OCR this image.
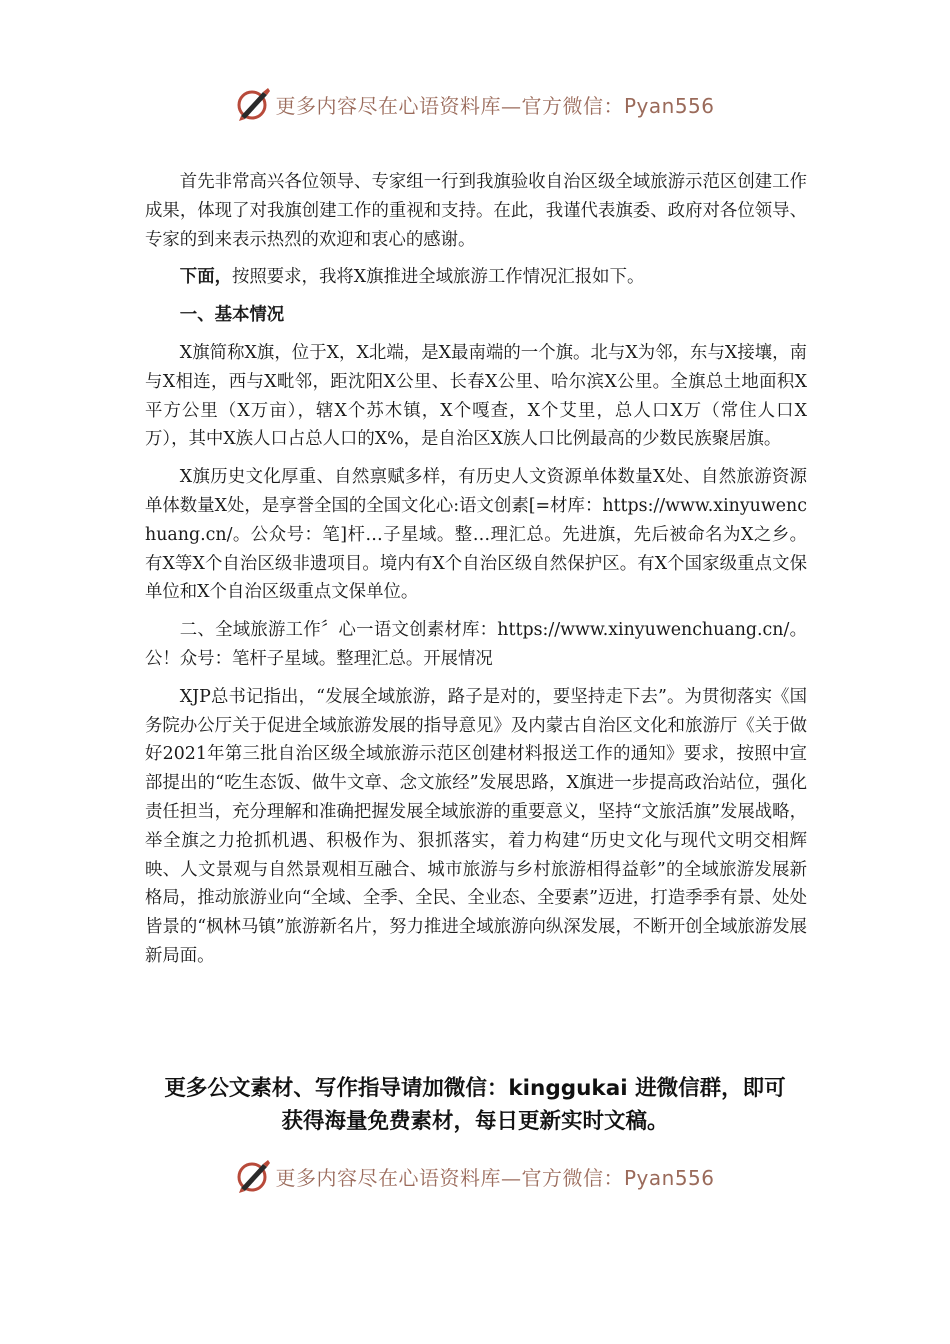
更多内容尽在心语资料库—官方微信：Pyan556

首先非常高兴各位领导、专家组一行到我旗验收自治区级全域旅游示范区创建工作成果，体现了对我旗创建工作的重视和支持。在此，我谨代表旗委、政府对各位领导、专家的到来表示热烈的欢迎和衷心的感谢。

下面，按照要求，我将X旗推进全域旅游工作情况汇报如下。

一、基本情况

X旗简称X旗，位于X，X北端，是X最南端的一个旗。北与X为邻，东与X接壤，南与X相连，西与X毗邻，距沈阳X公里、长春X公里、哈尔滨X公里。全旗总土地面积X平方公里（X万亩），辖X个苏木镇，X个嘎查，X个艾里，总人口X万（常住人口X万），其中X族人口占总人口的X%，是自治区X族人口比例最高的少数民族聚居旗。

X旗历史文化厚重、自然禀赋多样，有历史人文资源单体数量X处、自然旅游资源单体数量X处，是享誉全国的全国文化心:语文创素[=材库：https://www.xinyuwenchuang.cn/。公众号：笔]杆…子星域。整…理汇总。先进旗，先后被命名为X之乡。有X等X个自治区级非遗项目。境内有X个自治区级自然保护区。有X个国家级重点文保单位和X个自治区级重点文保单位。

二、全域旅游工作〞心一语文创素材库：https://www.xinyuwenchuang.cn/。公！众号：笔杆子星域。整理汇总。开展情况

XJP总书记指出，“发展全域旅游，路子是对的，要坚持走下去”。为贯彻落实《国务院办公厅关于促进全域旅游发展的指导意见》及内蒙古自治区文化和旅游厅《关于做好2021年第三批自治区级全域旅游示范区创建材料报送工作的通知》要求，按照中宣部提出的“吃生态饭、做牛文章、念文旅经”发展思路，X旗进一步提高政治站位，强化责任担当，充分理解和准确把握发展全域旅游的重要意义，坚持“文旅活旗”发展战略，举全旗之力抢抓机遇、积极作为、狠抓落实，着力构建“历史文化与现代文明交相辉映、人文景观与自然景观相互融合、城市旅游与乡村旅游相得益彰”的全域旅游发展新格局，推动旅游业向“全域、全季、全民、全业态、全要素”迈进，打造季季有景、处处皆景的“枫林马镇”旅游新名片，努力推进全域旅游向纵深发展，不断开创全域旅游发展新局面。

更多公文素材、写作指导请加微信：kinggukai 进微信群，即可
获得海量免费素材，每日更新实时文稿。
更多内容尽在心语资料库—官方微信：Pyan556
